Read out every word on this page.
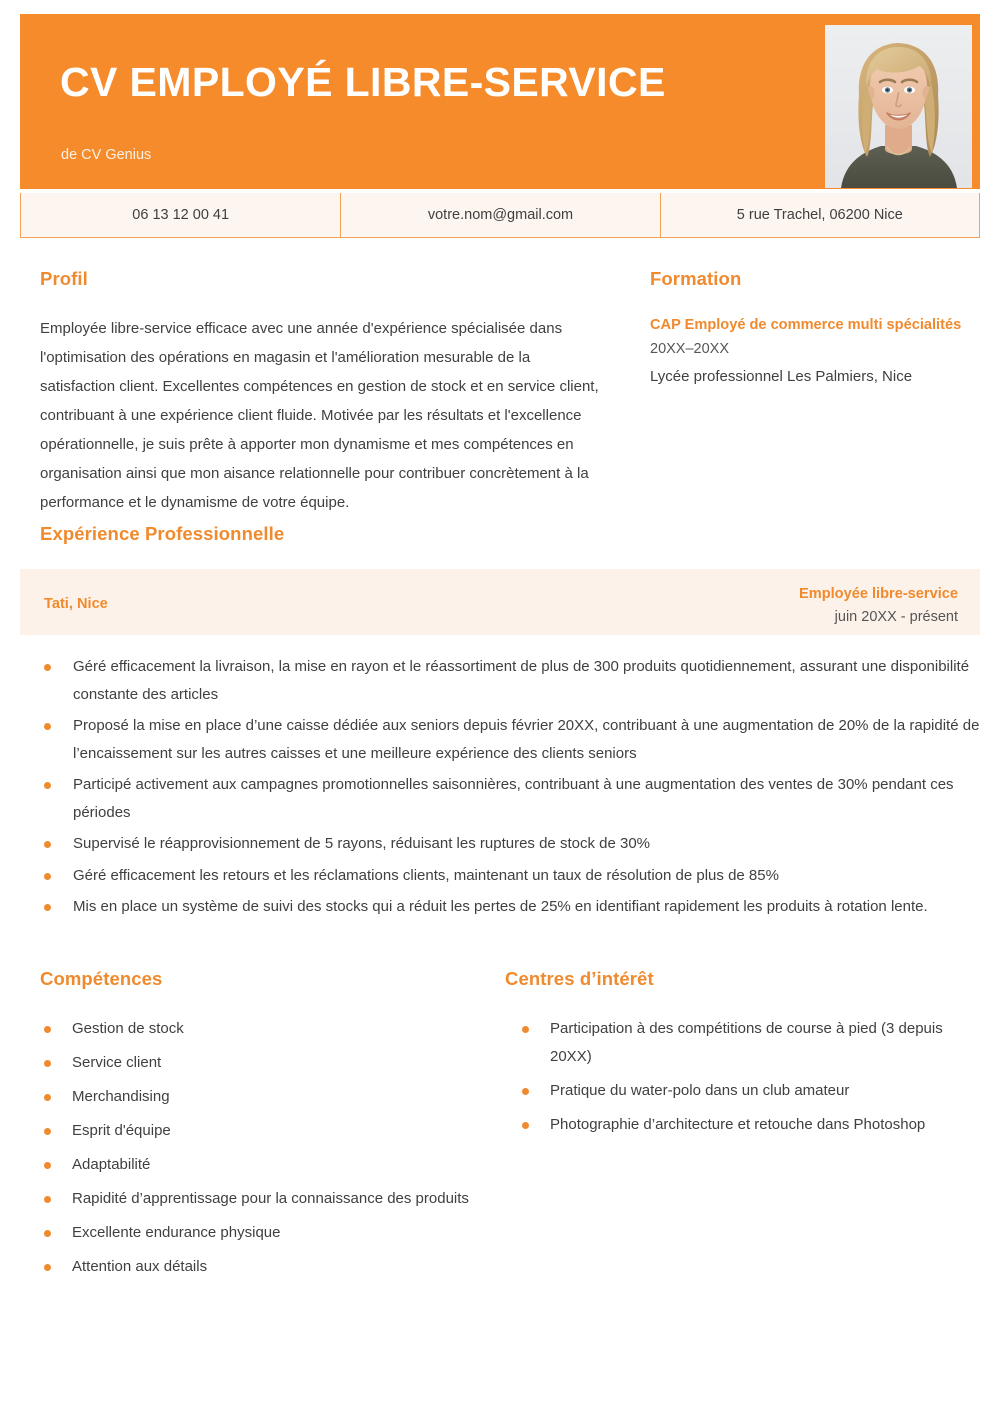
CV EMPLOYÉ LIBRE-SERVICE
de CV Genius
06 13 12 00 41	votre.nom@gmail.com	5 rue Trachel, 06200 Nice
Profil
Employée libre-service efficace avec une année d'expérience spécialisée dans l'optimisation des opérations en magasin et l'amélioration mesurable de la satisfaction client. Excellentes compétences en gestion de stock et en service client, contribuant à une expérience client fluide. Motivée par les résultats et l'excellence opérationnelle, je suis prête à apporter mon dynamisme et mes compétences en organisation ainsi que mon aisance relationnelle pour contribuer concrètement à la performance et le dynamisme de votre équipe.
Formation
CAP Employé de commerce multi spécialités
20XX–20XX
Lycée professionnel Les Palmiers, Nice
Expérience Professionnelle
Tati, Nice
Employée libre-service
juin 20XX - présent
Géré efficacement la livraison, la mise en rayon et le réassortiment de plus de 300 produits quotidiennement, assurant une disponibilité constante des articles
Proposé la mise en place d’une caisse dédiée aux seniors depuis février 20XX, contribuant à une augmentation de 20% de la rapidité de l’encaissement sur les autres caisses et une meilleure expérience des clients seniors
Participé activement aux campagnes promotionnelles saisonnières, contribuant à une augmentation des ventes de 30% pendant ces périodes
Supervisé le réapprovisionnement de 5 rayons, réduisant les ruptures de stock de 30%
Géré efficacement les retours et les réclamations clients, maintenant un taux de résolution de plus de 85%
Mis en place un système de suivi des stocks qui a réduit les pertes de 25% en identifiant rapidement les produits à rotation lente.
Compétences
Gestion de stock
Service client
Merchandising
Esprit d'équipe
Adaptabilité
Rapidité d’apprentissage pour la connaissance des produits
Excellente endurance physique
Attention aux détails
Centres d’intérêt
Participation à des compétitions de course à pied (3 depuis 20XX)
Pratique du water-polo dans un club amateur
Photographie d’architecture et retouche dans Photoshop
